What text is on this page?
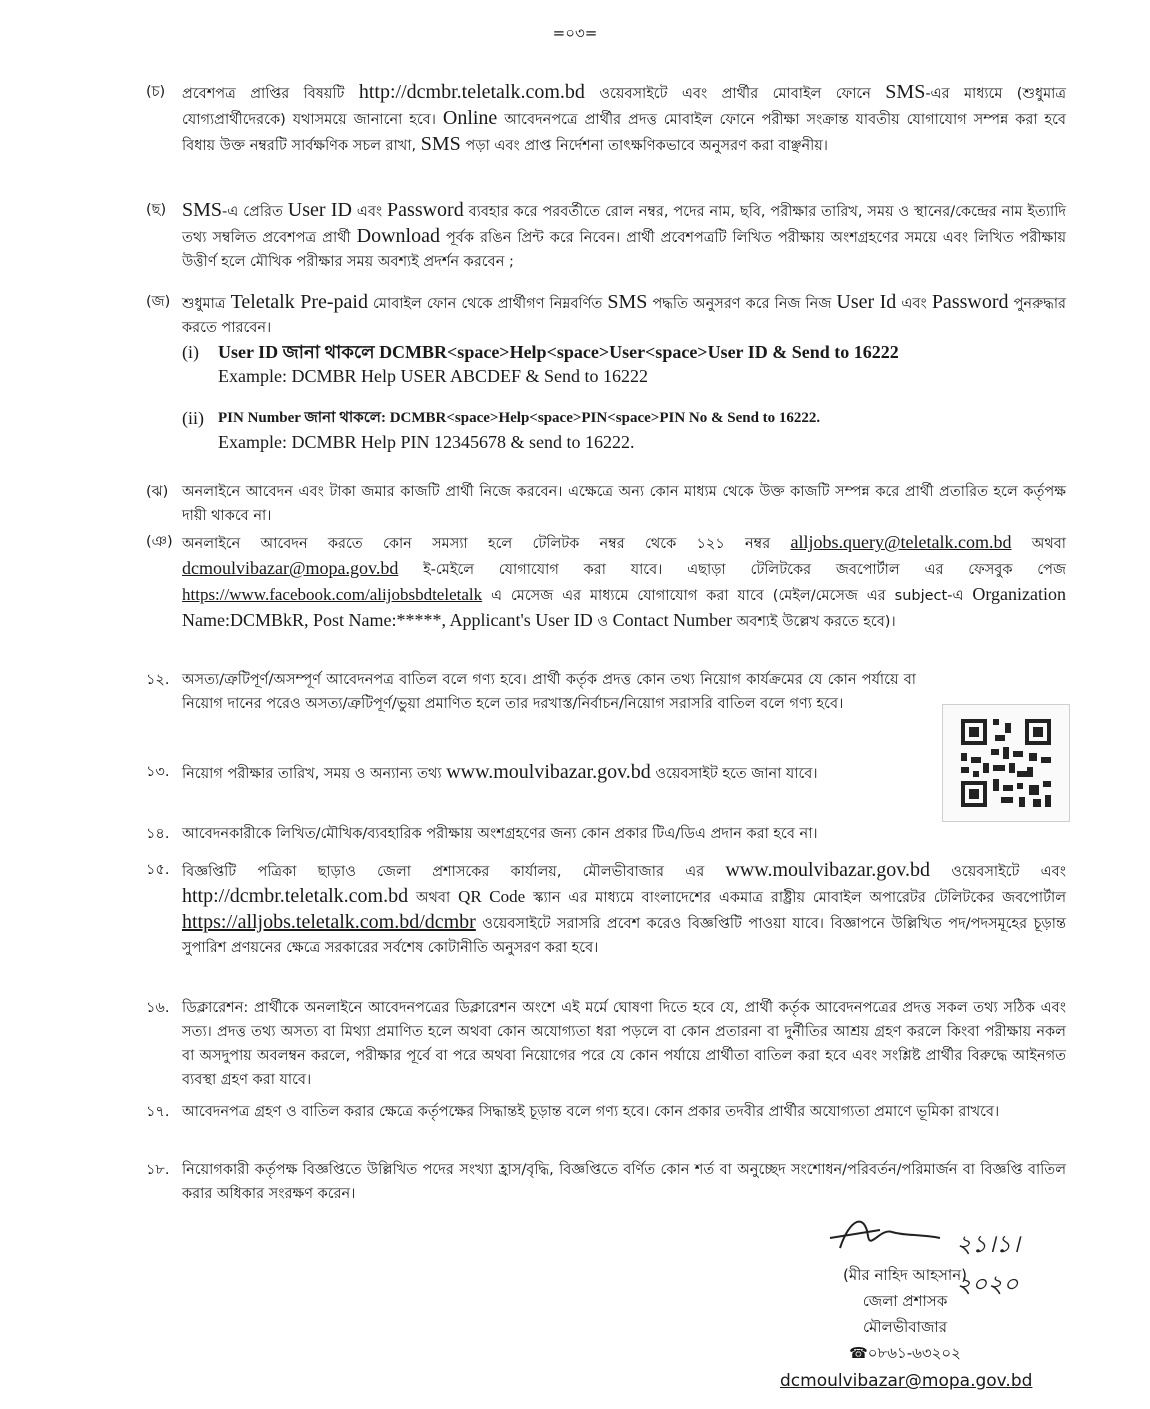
=০৩=
(চ)	প্রবেশপত্র প্রাপ্তির বিষয়টি http://dcmbr.teletalk.com.bd ওয়েবসাইটে এবং প্রার্থীর মোবাইল ফোনে SMS-এর মাধ্যমে (শুধুমাত্র যোগ্যপ্রার্থীদেরকে) যথাসময়ে জানানো হবে। Online আবেদনপত্রে প্রার্থীর প্রদত্ত মোবাইল ফোনে পরীক্ষা সংক্রান্ত যাবতীয় যোগাযোগ সম্পন্ন করা হবে বিধায় উক্ত নম্বরটি সার্বক্ষণিক সচল রাখা, SMS পড়া এবং প্রাপ্ত নির্দেশনা তাৎক্ষণিকভাবে অনুসরণ করা বাঞ্ছনীয়।
(ছ) SMS-এ প্রেরিত User ID এবং Password ব্যবহার করে পরবর্তীতে রোল নম্বর, পদের নাম, ছবি, পরীক্ষার তারিখ, সময় ও স্থানের/কেন্দ্রের নাম ইত্যাদি তথ্য সম্বলিত প্রবেশপত্র প্রার্থী Download পূর্বক রঙিন প্রিন্ট করে নিবেন। প্রার্থী প্রবেশপত্রটি লিখিত পরীক্ষায় অংশগ্রহণের সময়ে এবং লিখিত পরীক্ষায় উত্তীর্ণ হলে মৌখিক পরীক্ষার সময় অবশ্যই প্রদর্শন করবেন ;
(জ) শুধুমাত্র Teletalk Pre-paid মোবাইল ফোন থেকে প্রার্থীগণ নিম্নবর্ণিত SMS পদ্ধতি অনুসরণ করে নিজ নিজ User Id এবং Password পুনরুদ্ধার করতে পারবেন।
(i) User ID জানা থাকলে DCMBR<space>Help<space>User<space>User ID & Send to 16222
Example: DCMBR Help USER ABCDEF & Send to 16222
(ii) PIN Number জানা থাকলে: DCMBR<space>Help<space>PIN<space>PIN No & Send to 16222.
Example: DCMBR Help PIN 12345678 & send to 16222.
(ঝ) অনলাইনে আবেদন এবং টাকা জমার কাজটি প্রার্থী নিজে করবেন। এক্ষেত্রে অন্য কোন মাধ্যম থেকে উক্ত কাজটি সম্পন্ন করে প্রার্থী প্রতারিত হলে কর্তৃপক্ষ দায়ী থাকবে না।
(ঞ) অনলাইনে আবেদন করতে কোন সমস্যা হলে টেলিটক নম্বর থেকে ১২১ নম্বর alljobs.query@teletalk.com.bd অথবা dcmoulvibazar@mopa.gov.bd ই-মেইলে যোগাযোগ করা যাবে। এছাড়া টেলিটকের জবপোর্টাল এর ফেসবুক পেজ https://www.facebook.com/alijobsbdteletalk এ মেসেজ এর মাধ্যমে যোগাযোগ করা যাবে (মেইল/মেসেজ এর subject-এ Organization Name:DCMBkR, Post Name:*****, Applicant's User ID ও Contact Number অবশ্যই উল্লেখ করতে হবে)।
১২. অসত্য/ত্রুটিপূর্ণ/অসম্পূর্ণ আবেদনপত্র বাতিল বলে গণ্য হবে। প্রার্থী কর্তৃক প্রদত্ত কোন তথ্য নিয়োগ কার্যক্রমের যে কোন পর্যায়ে বা নিয়োগ দানের পরেও অসত্য/ত্রুটিপূর্ণ/ভুয়া প্রমাণিত হলে তার দরখাস্ত/নির্বাচন/নিয়োগ সরাসরি বাতিল বলে গণ্য হবে।
১৩. নিয়োগ পরীক্ষার তারিখ, সময় ও অন্যান্য তথ্য www.moulvibazar.gov.bd ওয়েবসাইট হতে জানা যাবে।
১৪. আবেদনকারীকে লিখিত/মৌখিক/ব্যবহারিক পরীক্ষায় অংশগ্রহণের জন্য কোন প্রকার টিএ/ডিএ প্রদান করা হবে না।
১৫. বিজ্ঞপ্তিটি পত্রিকা ছাড়াও জেলা প্রশাসকের কার্যালয়, মৌলভীবাজার এর www.moulvibazar.gov.bd ওয়েবসাইটে এবং http://dcmbr.teletalk.com.bd অথবা QR Code স্ক্যান এর মাধ্যমে বাংলাদেশের একমাত্র রাষ্ট্রীয় মোবাইল অপারেটর টেলিটকের জবপোর্টাল https://alljobs.teletalk.com.bd/dcmbr ওয়েবসাইটে সরাসরি প্রবেশ করেও বিজ্ঞপ্তিটি পাওয়া যাবে। বিজ্ঞাপনে উল্লিখিত পদ/পদসমূহের চূড়ান্ত সুপারিশ প্রণয়নের ক্ষেত্রে সরকারের সর্বশেষ কোটানীতি অনুসরণ করা হবে।
১৬. ডিক্লারেশন: প্রার্থীকে অনলাইনে আবেদনপত্রের ডিক্লারেশন অংশে এই মর্মে ঘোষণা দিতে হবে যে, প্রার্থী কর্তৃক আবেদনপত্রের প্রদত্ত সকল তথ্য সঠিক এবং সত্য। প্রদত্ত তথ্য অসত্য বা মিথ্যা প্রমাণিত হলে অথবা কোন অযোগ্যতা ধরা পড়লে বা কোন প্রতারনা বা দুর্নীতির আশ্রয় গ্রহণ করলে কিংবা পরীক্ষায় নকল বা অসদুপায় অবলম্বন করলে, পরীক্ষার পূর্বে বা পরে অথবা নিয়োগের পরে যে কোন পর্যায়ে প্রার্থীতা বাতিল করা হবে এবং সংশ্লিষ্ট প্রার্থীর বিরুদ্ধে আইনগত ব্যবস্থা গ্রহণ করা যাবে।
১৭. আবেদনপত্র গ্রহণ ও বাতিল করার ক্ষেত্রে কর্তৃপক্ষের সিদ্ধান্তই চূড়ান্ত বলে গণ্য হবে। কোন প্রকার তদবীর প্রার্থীর অযোগ্যতা প্রমাণে ভূমিকা রাখবে।
১৮. নিয়োগকারী কর্তৃপক্ষ বিজ্ঞপ্তিতে উল্লিখিত পদের সংখ্যা হ্রাস/বৃদ্ধি, বিজ্ঞপ্তিতে বর্ণিত কোন শর্ত বা অনুচ্ছেদ সংশোধন/পরিবর্তন/পরিমার্জন বা বিজ্ঞপ্তি বাতিল করার অধিকার সংরক্ষণ করেন।
২১।১।২০২০
(মীর নাহিদ আহসান)
জেলা প্রশাসক
মৌলভীবাজার
☎০৮৬১-৬৩২০২
dcmoulvibazar@mopa.gov.bd
